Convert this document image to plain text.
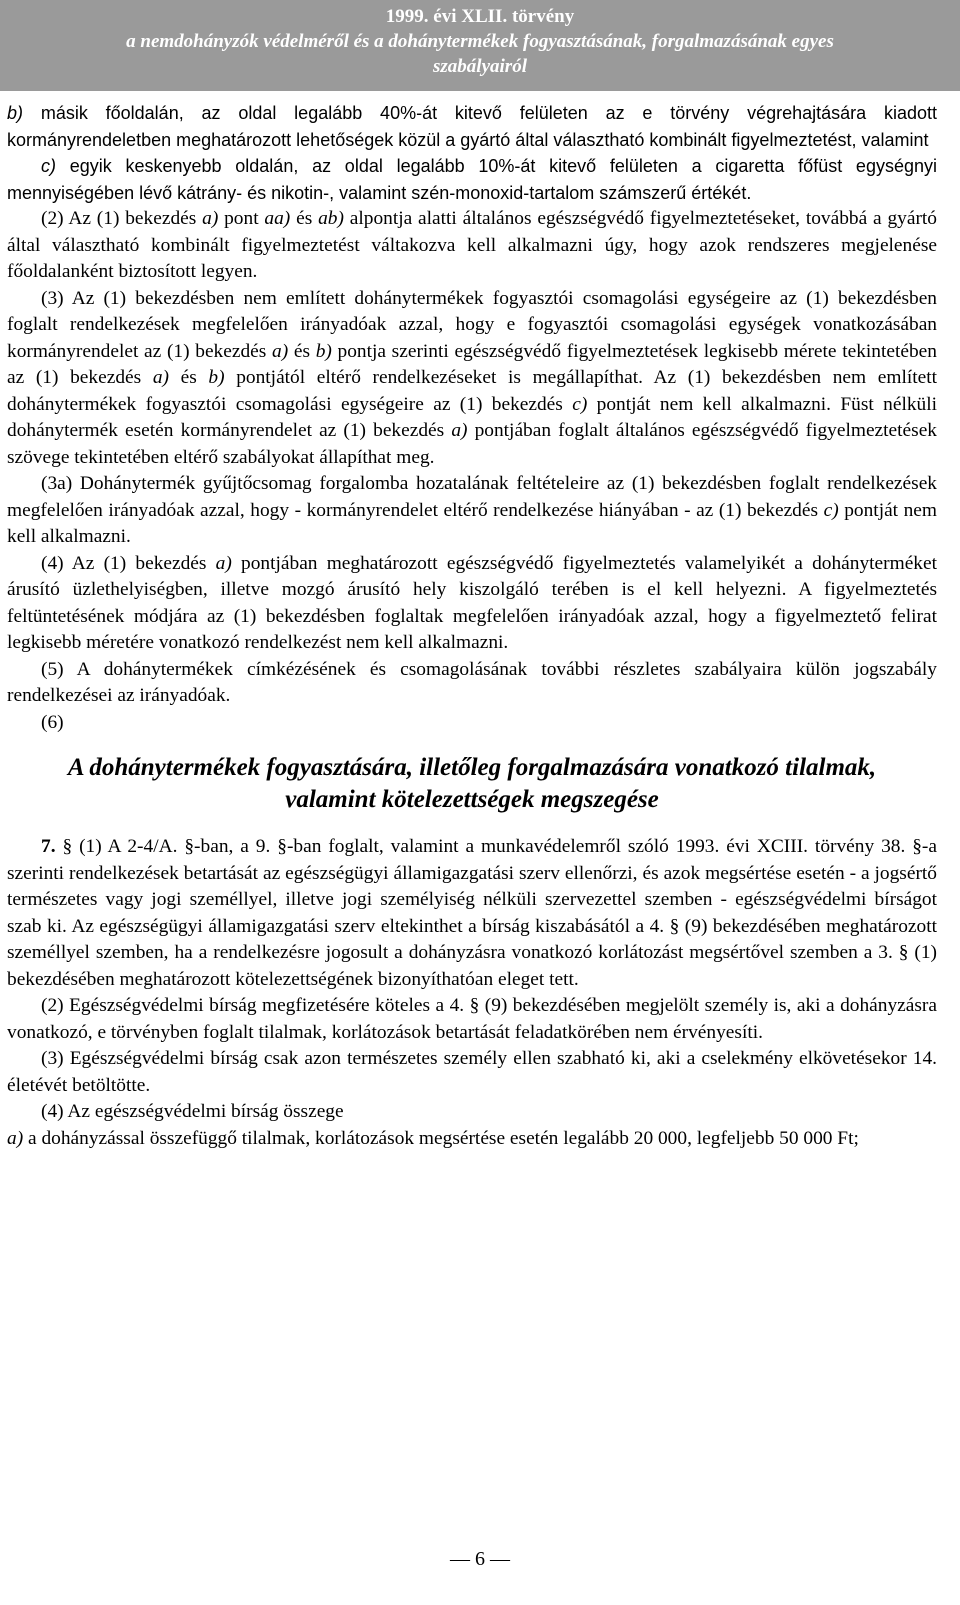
1999. évi XLII. törvény
a nemdohányzók védelméről és a dohánytermékek fogyasztásának, forgalmazásának egyes
szabályairól

b) másik főoldalán, az oldal legalább 40%-át kitevő felületen az e törvény végrehajtására kiadott kormányrendeletben meghatározott lehetőségek közül a gyártó által választható kombinált figyelmeztetést, valamint

c) egyik keskenyebb oldalán, az oldal legalább 10%-át kitevő felületen a cigaretta főfüst egységnyi mennyiségében lévő kátrány- és nikotin-, valamint szén-monoxid-tartalom számszerű értékét.

(2) Az (1) bekezdés a) pont aa) és ab) alpontja alatti általános egészségvédő figyelmeztetéseket, továbbá a gyártó által választható kombinált figyelmeztetést váltakozva kell alkalmazni úgy, hogy azok rendszeres megjelenése főoldalanként biztosított legyen.

(3) Az (1) bekezdésben nem említett dohánytermékek fogyasztói csomagolási egységeire az (1) bekezdésben foglalt rendelkezések megfelelően irányadóak azzal, hogy e fogyasztói csomagolási egységek vonatkozásában kormányrendelet az (1) bekezdés a) és b) pontja szerinti egészségvédő figyelmeztetések legkisebb mérete tekintetében az (1) bekezdés a) és b) pontjától eltérő rendelkezéseket is megállapíthat. Az (1) bekezdésben nem említett dohánytermékek fogyasztói csomagolási egységeire az (1) bekezdés c) pontját nem kell alkalmazni. Füst nélküli dohánytermék esetén kormányrendelet az (1) bekezdés a) pontjában foglalt általános egészségvédő figyelmeztetések szövege tekintetében eltérő szabályokat állapíthat meg.

(3a) Dohánytermék gyűjtőcsomag forgalomba hozatalának feltételeire az (1) bekezdésben foglalt rendelkezések megfelelően irányadóak azzal, hogy - kormányrendelet eltérő rendelkezése hiányában - az (1) bekezdés c) pontját nem kell alkalmazni.

(4) Az (1) bekezdés a) pontjában meghatározott egészségvédő figyelmeztetés valamelyikét a dohányterméket árusító üzlethelyiségben, illetve mozgó árusító hely kiszolgáló terében is el kell helyezni. A figyelmeztetés feltüntetésének módjára az (1) bekezdésben foglaltak megfelelően irányadóak azzal, hogy a figyelmeztető felirat legkisebb méretére vonatkozó rendelkezést nem kell alkalmazni.

(5) A dohánytermékek címkézésének és csomagolásának további részletes szabályaira külön jogszabály rendelkezései az irányadóak.

(6)

A dohánytermékek fogyasztására, illetőleg forgalmazására vonatkozó tilalmak,
valamint kötelezettségek megszegése

7. § (1) A 2-4/A. §-ban, a 9. §-ban foglalt, valamint a munkavédelemről szóló 1993. évi XCIII. törvény 38. §-a szerinti rendelkezések betartását az egészségügyi államigazgatási szerv ellenőrzi, és azok megsértése esetén - a jogsértő természetes vagy jogi személlyel, illetve jogi személyiség nélküli szervezettel szemben - egészségvédelmi bírságot szab ki. Az egészségügyi államigazgatási szerv eltekinthet a bírság kiszabásától a 4. § (9) bekezdésében meghatározott személlyel szemben, ha a rendelkezésre jogosult a dohányzásra vonatkozó korlátozást megsértővel szemben a 3. § (1) bekezdésében meghatározott kötelezettségének bizonyíthatóan eleget tett.

(2) Egészségvédelmi bírság megfizetésére köteles a 4. § (9) bekezdésében megjelölt személy is, aki a dohányzásra vonatkozó, e törvényben foglalt tilalmak, korlátozások betartását feladatkörében nem érvényesíti.

(3) Egészségvédelmi bírság csak azon természetes személy ellen szabható ki, aki a cselekmény elkövetésekor 14. életévét betöltötte.

(4) Az egészségvédelmi bírság összege

a) a dohányzással összefüggő tilalmak, korlátozások megsértése esetén legalább 20 000, legfeljebb 50 000 Ft;

— 6 —
